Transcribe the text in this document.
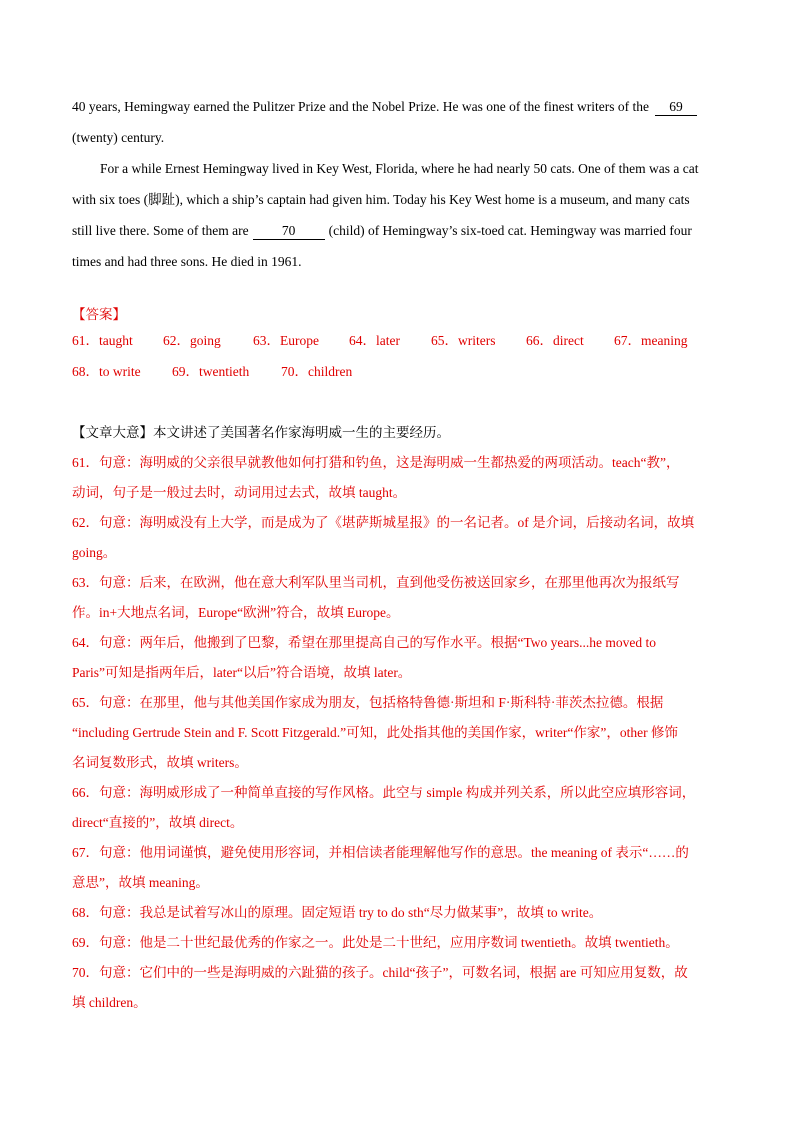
40 years, Hemingway earned the Pulitzer Prize and the Nobel Prize. He was one of the finest writers of the 69
(twenty) century.
For a while Ernest Hemingway lived in Key West, Florida, where he had nearly 50 cats. One of them was a cat
with six toes (脚趾), which a ship’s captain had given him. Today his Key West home is a museum, and many cats
still live there. Some of them are 70 (child) of Hemingway’s six-toed cat. Hemingway was married four
times and had three sons. He died in 1961.
【答案】
61．taught	62．going	63．Europe	64．later	65．writers	66．direct	67．meaning
68．to write	69．twentieth	70．children
【文章大意】本文讲述了美国著名作家海明威一生的主要经历。
61．句意：海明威的父亲很早就教他如何打猎和钓鱼，这是海明威一生都热爱的两项活动。teach“教”，
动词，句子是一般过去时，动词用过去式，故填 taught。
62．句意：海明威没有上大学，而是成为了《堪萨斯城星报》的一名记者。of 是介词，后接动名词，故填
going。
63．句意：后来，在欧洲，他在意大利军队里当司机，直到他受伤被送回家乡，在那里他再次为报纸写
作。in+大地点名词，Europe“欧洲”符合，故填 Europe。
64．句意：两年后，他搬到了巴黎，希望在那里提高自己的写作水平。根据“Two years...he moved to
Paris”可知是指两年后，later“以后”符合语境，故填 later。
65．句意：在那里，他与其他美国作家成为朋友，包括格特鲁德·斯坦和 F·斯科特·菲茨杰拉德。根据
“including Gertrude Stein and F. Scott Fitzgerald.”可知，此处指其他的美国作家，writer“作家”，other 修饰
名词复数形式，故填 writers。
66．句意：海明威形成了一种简单直接的写作风格。此空与 simple 构成并列关系，所以此空应填形容词，
direct“直接的”，故填 direct。
67．句意：他用词谨慎，避免使用形容词，并相信读者能理解他写作的意思。the meaning of 表示“……的
意思”，故填 meaning。
68．句意：我总是试着写冰山的原理。固定短语 try to do sth“尽力做某事”，故填 to write。
69．句意：他是二十世纪最优秀的作家之一。此处是二十世纪，应用序数词 twentieth。故填 twentieth。
70．句意：它们中的一些是海明威的六趾猫的孩子。child“孩子”，可数名词，根据 are 可知应用复数，故
填 children。
